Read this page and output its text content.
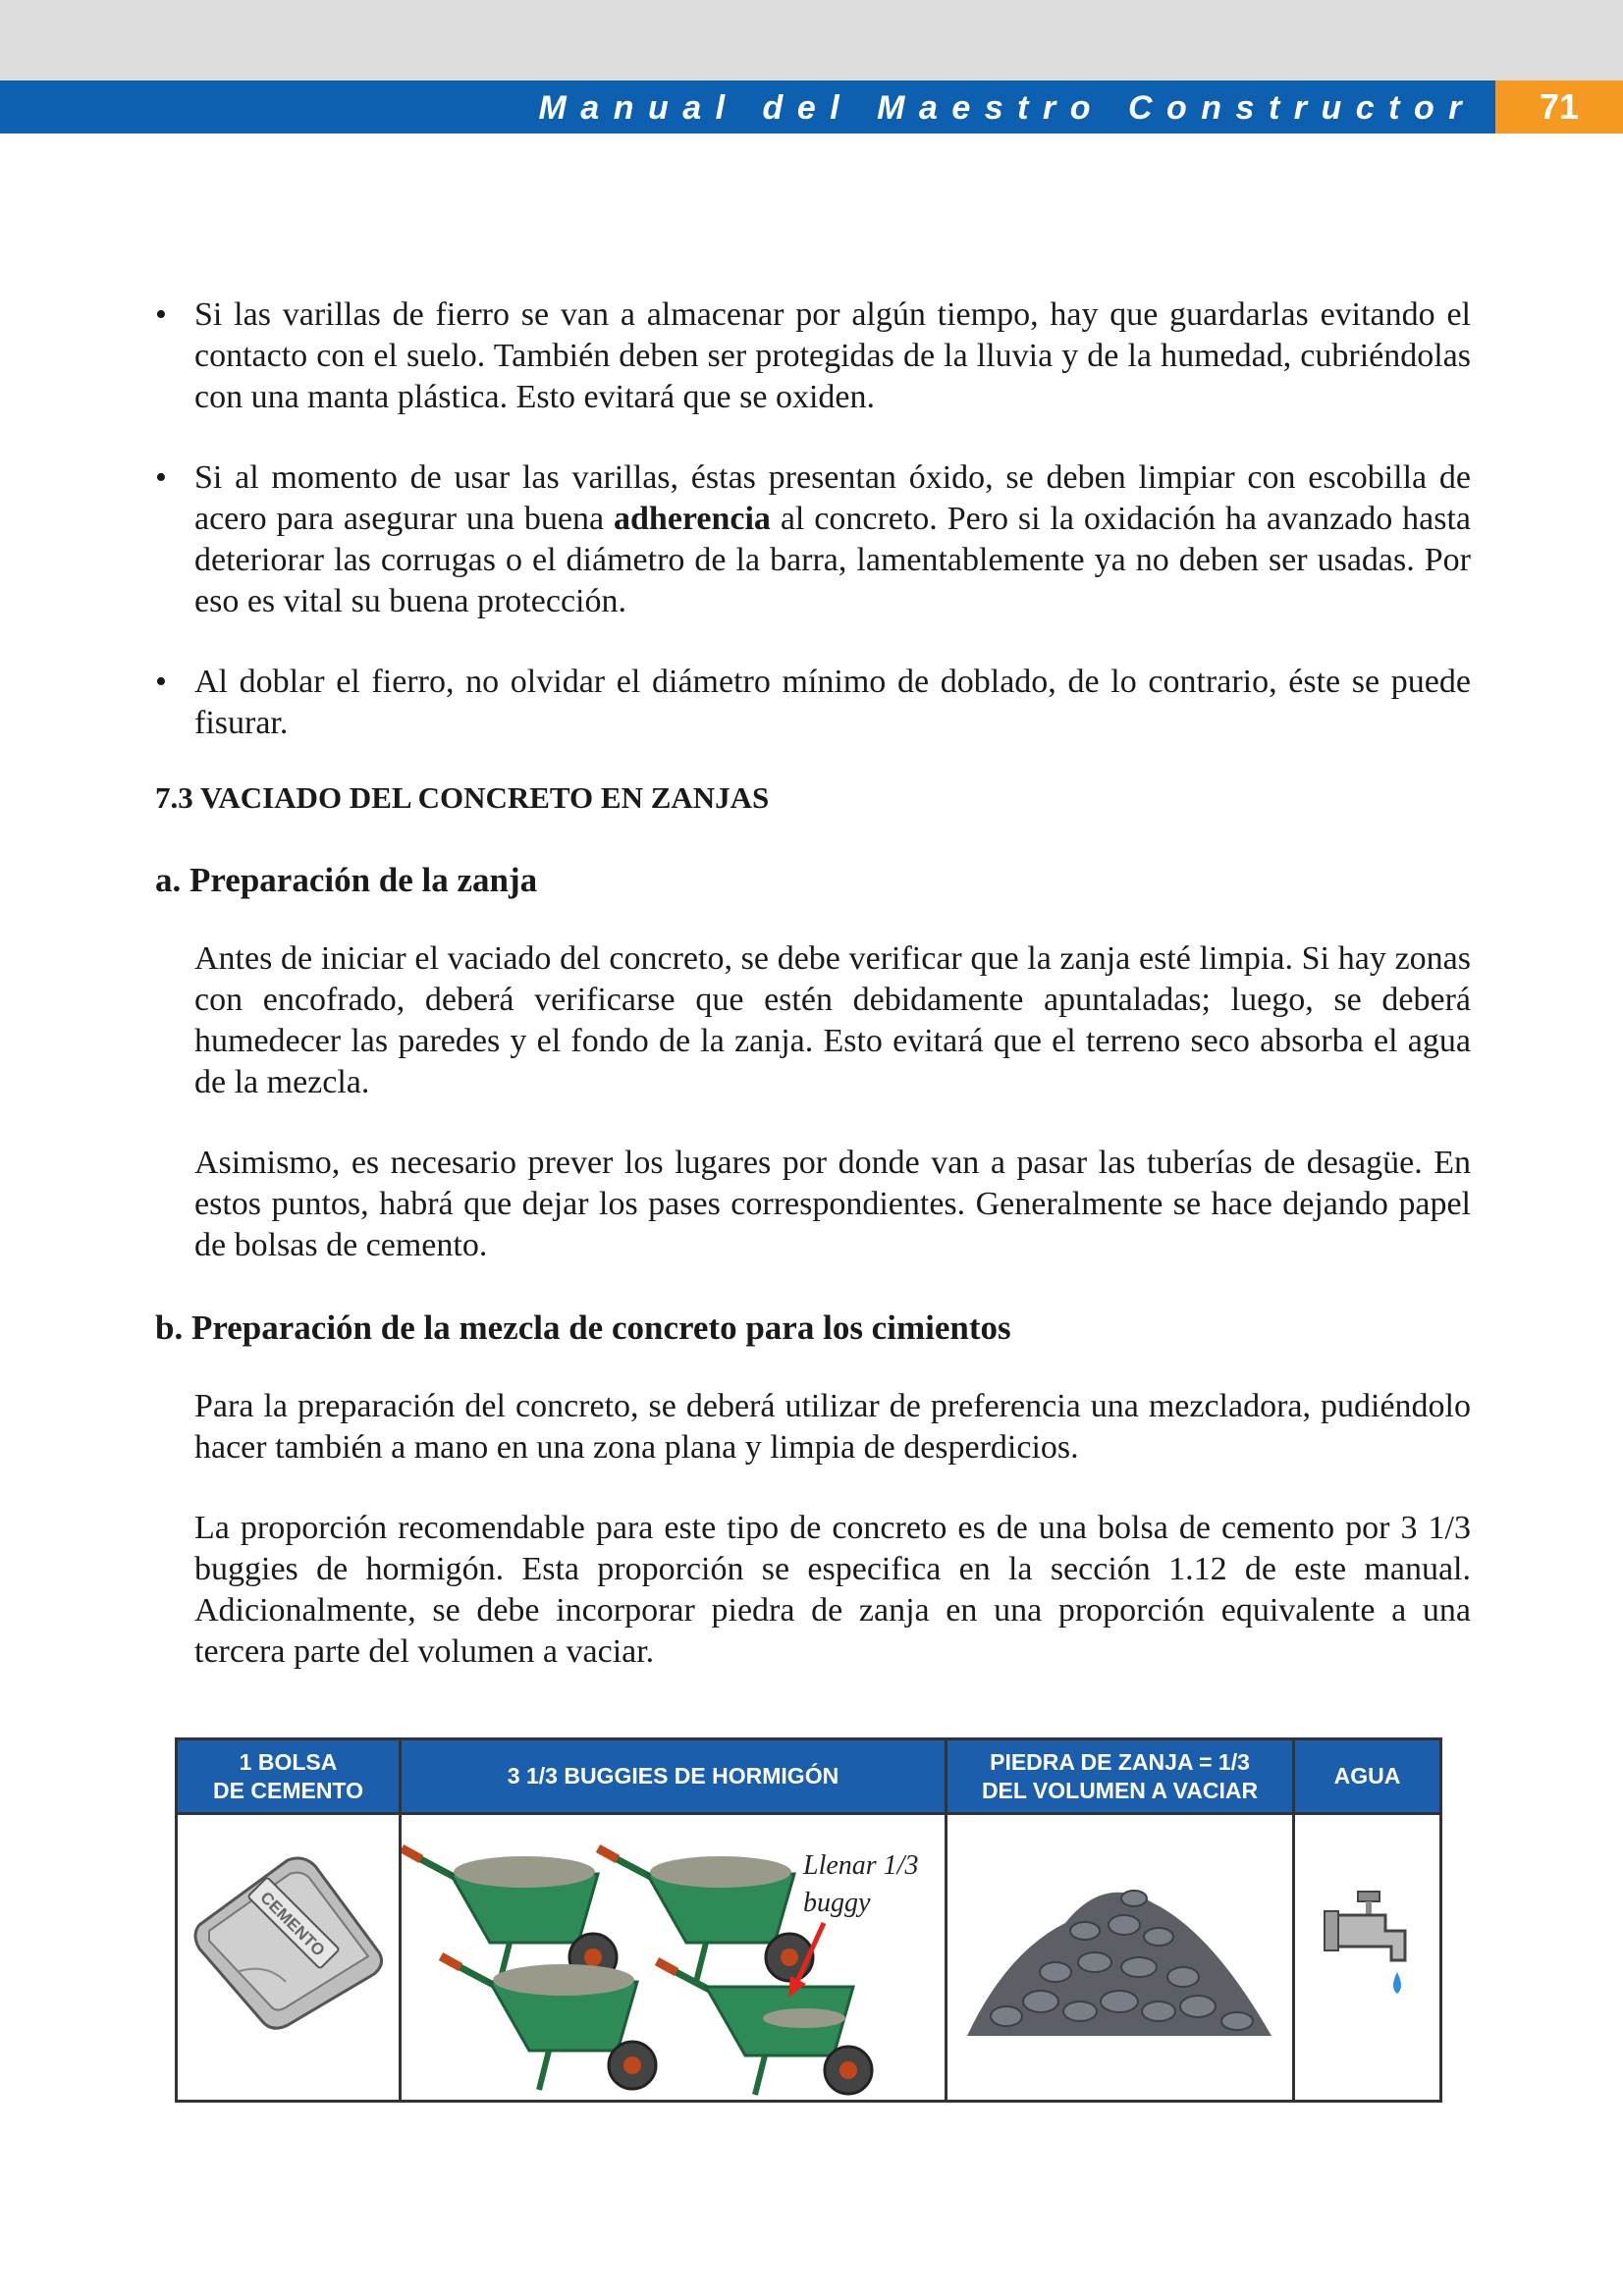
Manual del Maestro Constructor	71
• Si las varillas de fierro se van a almacenar por algún tiempo, hay que guardarlas evitando el contacto con el suelo. También deben ser protegidas de la lluvia y de la humedad, cubriéndolas con una manta plástica. Esto evitará que se oxiden.
• Si al momento de usar las varillas, éstas presentan óxido, se deben limpiar con escobilla de acero para asegurar una buena adherencia al concreto. Pero si la oxidación ha avanzado hasta deteriorar las corrugas o el diámetro de la barra, lamentablemente ya no deben ser usadas. Por eso es vital su buena protección.
• Al doblar el fierro, no olvidar el diámetro mínimo de doblado, de lo contrario, éste se puede fisurar.
7.3 VACIADO DEL CONCRETO EN ZANJAS
a. Preparación de la zanja
Antes de iniciar el vaciado del concreto, se debe verificar que la zanja esté limpia. Si hay zonas con encofrado, deberá verificarse que estén debidamente apuntaladas; luego, se deberá humedecer las paredes y el fondo de la zanja. Esto evitará que el terreno seco absorba el agua de la mezcla.
Asimismo, es necesario prever los lugares por donde van a pasar las tuberías de desagüe. En estos puntos, habrá que dejar los pases correspondientes. Generalmente se hace dejando papel de bolsas de cemento.
b. Preparación de la mezcla de concreto para los cimientos
Para la preparación del concreto, se deberá utilizar de preferencia una mezcladora, pudiéndolo hacer también a mano en una zona plana y limpia de desperdicios.
La proporción recomendable para este tipo de concreto es de una bolsa de cemento por 3 1/3 buggies de hormigón. Esta proporción se especifica en la sección 1.12 de este manual. Adicionalmente, se debe incorporar piedra de zanja en una proporción equivalente a una tercera parte del volumen a vaciar.
1 BOLSA
DE CEMENTO
3 1/3 BUGGIES DE HORMIGÓN
PIEDRA DE ZANJA = 1/3
DEL VOLUMEN A VACIAR
AGUA
CEMENTO
Llenar 1/3
buggy
